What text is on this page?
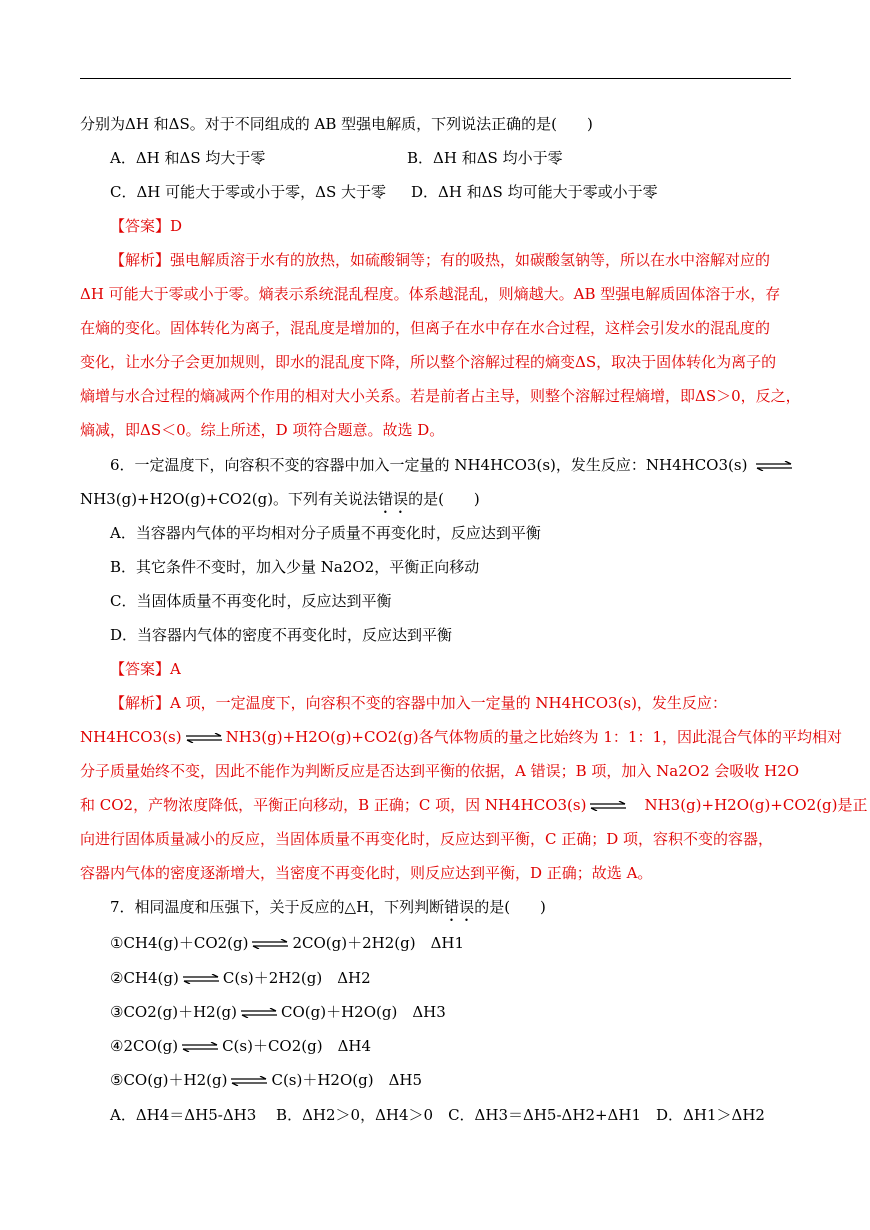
分别为ΔH 和ΔS。对于不同组成的 AB 型强电解质，下列说法正确的是(　　)
A．ΔH 和ΔS 均大于零	B．ΔH 和ΔS 均小于零
C．ΔH 可能大于零或小于零，ΔS 大于零 D．ΔH 和ΔS 均可能大于零或小于零
【答案】D
【解析】强电解质溶于水有的放热，如硫酸铜等；有的吸热，如碳酸氢钠等，所以在水中溶解对应的
ΔH 可能大于零或小于零。熵表示系统混乱程度。体系越混乱，则熵越大。AB 型强电解质固体溶于水，存
在熵的变化。固体转化为离子，混乱度是增加的，但离子在水中存在水合过程，这样会引发水的混乱度的
变化，让水分子会更加规则，即水的混乱度下降，所以整个溶解过程的熵变ΔS，取决于固体转化为离子的
熵增与水合过程的熵减两个作用的相对大小关系。若是前者占主导，则整个溶解过程熵增，即ΔS＞0，反之，
熵减，即ΔS＜0。综上所述，D 项符合题意。故选 D。
6．一定温度下，向容积不变的容器中加入一定量的 NH4HCO3(s)，发生反应：NH4HCO3(s) ⇌
NH3(g)+H2O(g)+CO2(g)。下列有关说法错误的是(　　)
A．当容器内气体的平均相对分子质量不再变化时，反应达到平衡
B．其它条件不变时，加入少量 Na2O2，平衡正向移动
C．当固体质量不再变化时，反应达到平衡
D．当容器内气体的密度不再变化时，反应达到平衡
【答案】A
【解析】A 项，一定温度下，向容积不变的容器中加入一定量的 NH4HCO3(s)，发生反应：
NH4HCO3(s) ⇌ NH3(g)+H2O(g)+CO2(g)各气体物质的量之比始终为 1：1：1，因此混合气体的平均相对
分子质量始终不变，因此不能作为判断反应是否达到平衡的依据，A 错误；B 项，加入 Na2O2 会吸收 H2O
和 CO2，产物浓度降低，平衡正向移动，B 正确；C 项，因 NH4HCO3(s) ⇌ NH3(g)+H2O(g)+CO2(g)是正
向进行固体质量减小的反应，当固体质量不再变化时，反应达到平衡，C 正确；D 项，容积不变的容器，
容器内气体的密度逐渐增大，当密度不再变化时，则反应达到平衡，D 正确；故选 A。
7．相同温度和压强下，关于反应的△H，下列判断错误的是(　　)
①CH4(g)＋CO2(g) ⇌ 2CO(g)＋2H2(g)　ΔH1
②CH4(g) ⇌ C(s)＋2H2(g)　ΔH2
③CO2(g)＋H2(g) ⇌ CO(g)＋H2O(g)　ΔH3
④2CO(g) ⇌ C(s)＋CO2(g)　ΔH4
⑤CO(g)＋H2(g) ⇌ C(s)＋H2O(g)　ΔH5
A．ΔH4＝ΔH5-ΔH3　 B．ΔH2＞0，ΔH4＞0　C．ΔH3＝ΔH5-ΔH2+ΔH1　D．ΔH1＞ΔH2
